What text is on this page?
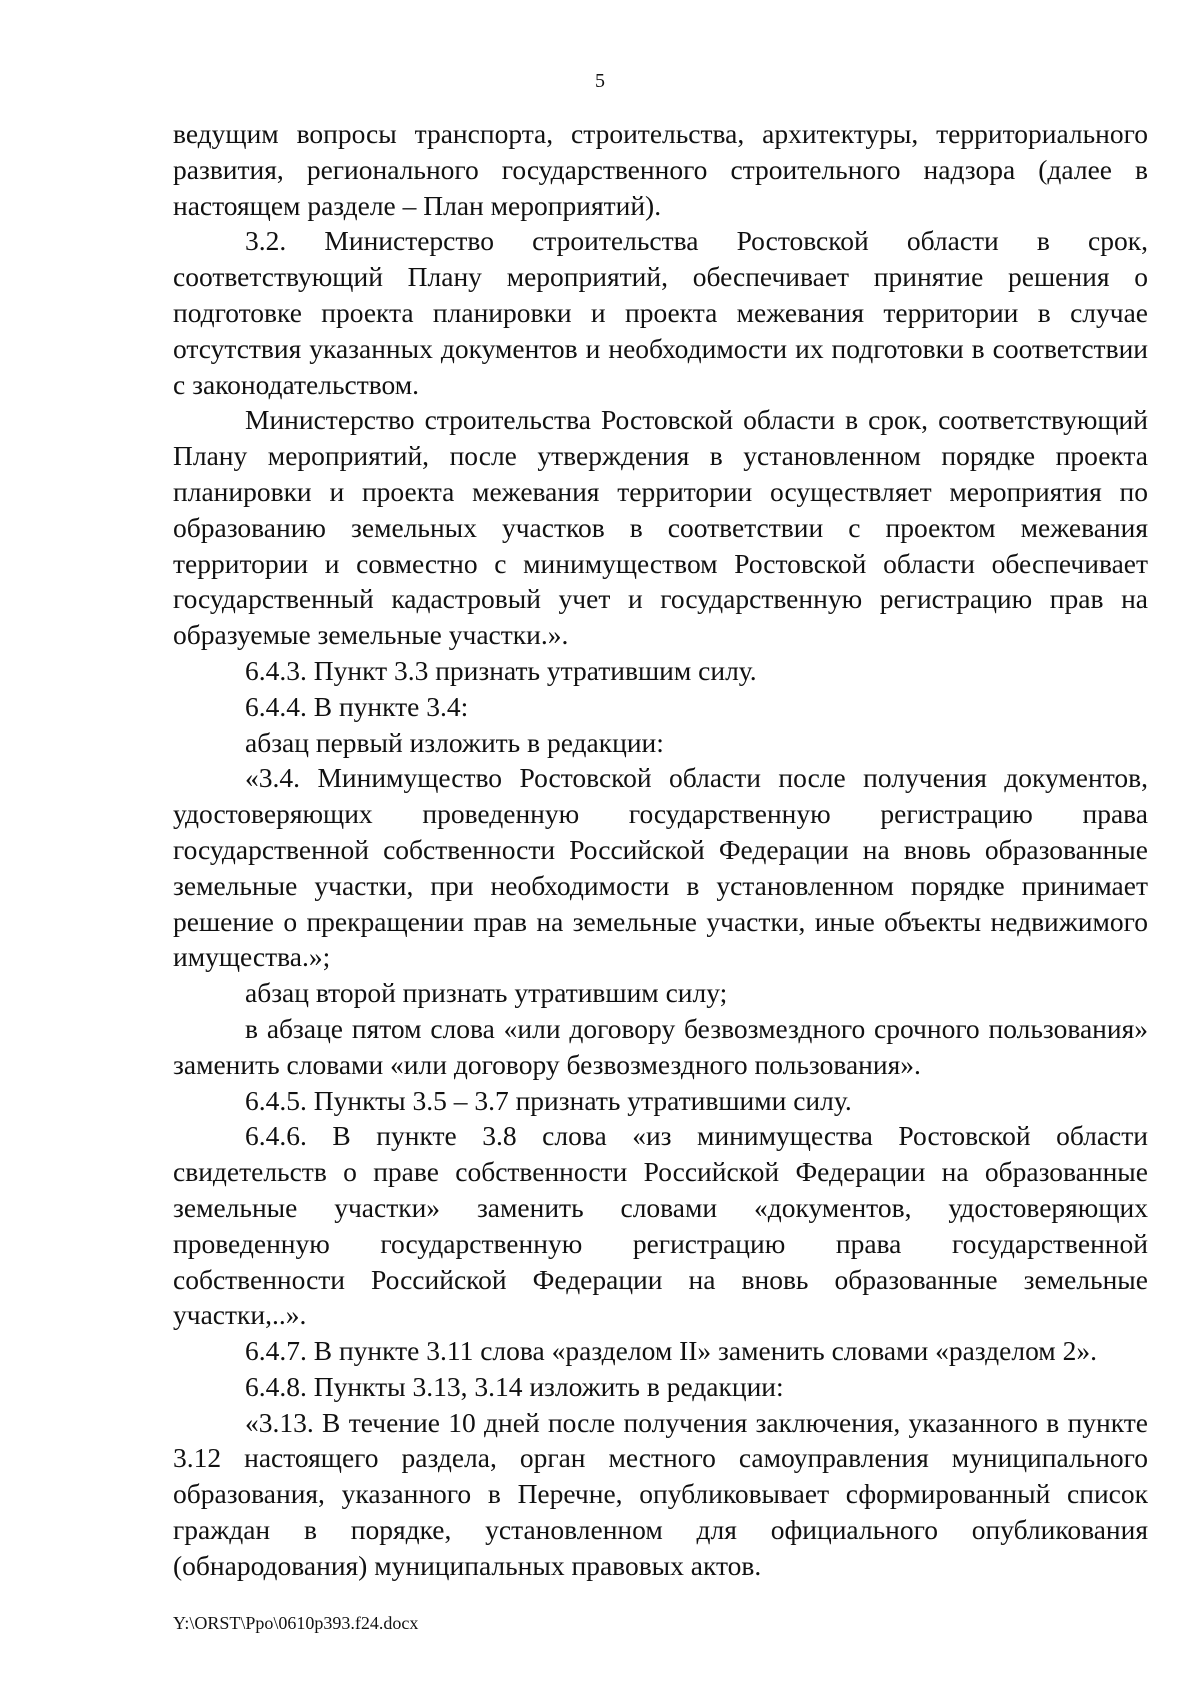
5

ведущим вопросы транспорта, строительства, архитектуры, территориального развития, регионального государственного строительного надзора (далее в настоящем разделе – План мероприятий).

3.2. Министерство строительства Ростовской области в срок, соответствующий Плану мероприятий, обеспечивает принятие решения о подготовке проекта планировки и проекта межевания территории в случае отсутствия указанных документов и необходимости их подготовки в соответствии с законодательством.

Министерство строительства Ростовской области в срок, соответствующий Плану мероприятий, после утверждения в установленном порядке проекта планировки и проекта межевания территории осуществляет мероприятия по образованию земельных участков в соответствии с проектом межевания территории и совместно с минимуществом Ростовской области обеспечивает государственный кадастровый учет и государственную регистрацию прав на образуемые земельные участки.».

6.4.3. Пункт 3.3 признать утратившим силу.

6.4.4. В пункте 3.4:

абзац первый изложить в редакции:

«3.4. Минимущество Ростовской области после получения документов, удостоверяющих проведенную государственную регистрацию права государственной собственности Российской Федерации на вновь образованные земельные участки, при необходимости в установленном порядке принимает решение о прекращении прав на земельные участки, иные объекты недвижимого имущества.»;

абзац второй признать утратившим силу;

в абзаце пятом слова «или договору безвозмездного срочного пользования» заменить словами «или договору безвозмездного пользования».

6.4.5. Пункты 3.5 – 3.7 признать утратившими силу.

6.4.6. В пункте 3.8 слова «из минимущества Ростовской области свидетельств о праве собственности Российской Федерации на образованные земельные участки» заменить словами «документов, удостоверяющих проведенную государственную регистрацию права государственной собственности Российской Федерации на вновь образованные земельные участки,..».

6.4.7. В пункте 3.11 слова «разделом II» заменить словами «разделом 2».

6.4.8. Пункты 3.13, 3.14 изложить в редакции:

«3.13. В течение 10 дней после получения заключения, указанного в пункте 3.12 настоящего раздела, орган местного самоуправления муниципального образования, указанного в Перечне, опубликовывает сформированный список граждан в порядке, установленном для официального опубликования (обнародования) муниципальных правовых актов.

Y:\ORST\Ppo\0610p393.f24.docx
